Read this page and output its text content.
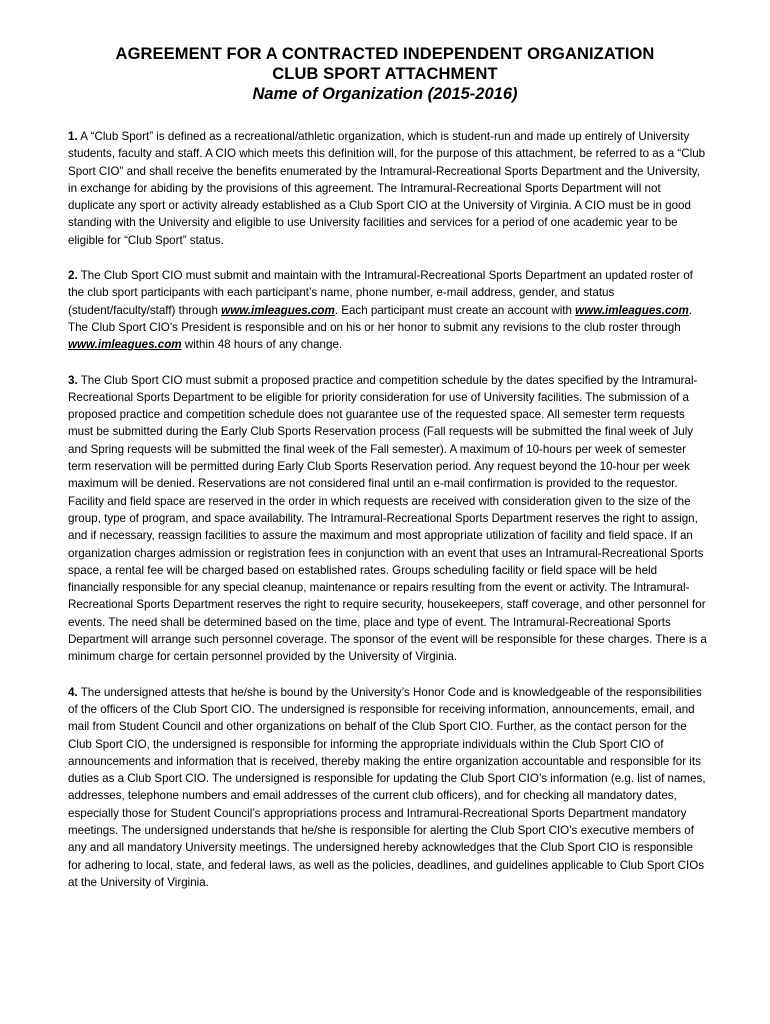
AGREEMENT FOR A CONTRACTED INDEPENDENT ORGANIZATION
CLUB SPORT ATTACHMENT
Name of Organization (2015-2016)

1. A “Club Sport” is defined as a recreational/athletic organization, which is student-run and made up entirely of University students, faculty and staff. A CIO which meets this definition will, for the purpose of this attachment, be referred to as a “Club Sport CIO” and shall receive the benefits enumerated by the Intramural-Recreational Sports Department and the University, in exchange for abiding by the provisions of this agreement. The Intramural-Recreational Sports Department will not duplicate any sport or activity already established as a Club Sport CIO at the University of Virginia. A CIO must be in good standing with the University and eligible to use University facilities and services for a period of one academic year to be eligible for “Club Sport” status.

2. The Club Sport CIO must submit and maintain with the Intramural-Recreational Sports Department an updated roster of the club sport participants with each participant’s name, phone number, e-mail address, gender, and status (student/faculty/staff) through www.imleagues.com. Each participant must create an account with www.imleagues.com. The Club Sport CIO’s President is responsible and on his or her honor to submit any revisions to the club roster through www.imleagues.com within 48 hours of any change.

3. The Club Sport CIO must submit a proposed practice and competition schedule by the dates specified by the Intramural-Recreational Sports Department to be eligible for priority consideration for use of University facilities. The submission of a proposed practice and competition schedule does not guarantee use of the requested space. All semester term requests must be submitted during the Early Club Sports Reservation process (Fall requests will be submitted the final week of July and Spring requests will be submitted the final week of the Fall semester). A maximum of 10-hours per week of semester term reservation will be permitted during Early Club Sports Reservation period. Any request beyond the 10-hour per week maximum will be denied. Reservations are not considered final until an e-mail confirmation is provided to the requestor. Facility and field space are reserved in the order in which requests are received with consideration given to the size of the group, type of program, and space availability. The Intramural-Recreational Sports Department reserves the right to assign, and if necessary, reassign facilities to assure the maximum and most appropriate utilization of facility and field space. If an organization charges admission or registration fees in conjunction with an event that uses an Intramural-Recreational Sports space, a rental fee will be charged based on established rates. Groups scheduling facility or field space will be held financially responsible for any special cleanup, maintenance or repairs resulting from the event or activity. The Intramural-Recreational Sports Department reserves the right to require security, housekeepers, staff coverage, and other personnel for events. The need shall be determined based on the time, place and type of event. The Intramural-Recreational Sports Department will arrange such personnel coverage. The sponsor of the event will be responsible for these charges. There is a minimum charge for certain personnel provided by the University of Virginia.

4. The undersigned attests that he/she is bound by the University’s Honor Code and is knowledgeable of the responsibilities of the officers of the Club Sport CIO. The undersigned is responsible for receiving information, announcements, email, and mail from Student Council and other organizations on behalf of the Club Sport CIO. Further, as the contact person for the Club Sport CIO, the undersigned is responsible for informing the appropriate individuals within the Club Sport CIO of announcements and information that is received, thereby making the entire organization accountable and responsible for its duties as a Club Sport CIO. The undersigned is responsible for updating the Club Sport CIO’s information (e.g. list of names, addresses, telephone numbers and email addresses of the current club officers), and for checking all mandatory dates, especially those for Student Council’s appropriations process and Intramural-Recreational Sports Department mandatory meetings. The undersigned understands that he/she is responsible for alerting the Club Sport CIO’s executive members of any and all mandatory University meetings. The undersigned hereby acknowledges that the Club Sport CIO is responsible for adhering to local, state, and federal laws, as well as the policies, deadlines, and guidelines applicable to Club Sport CIOs at the University of Virginia.
